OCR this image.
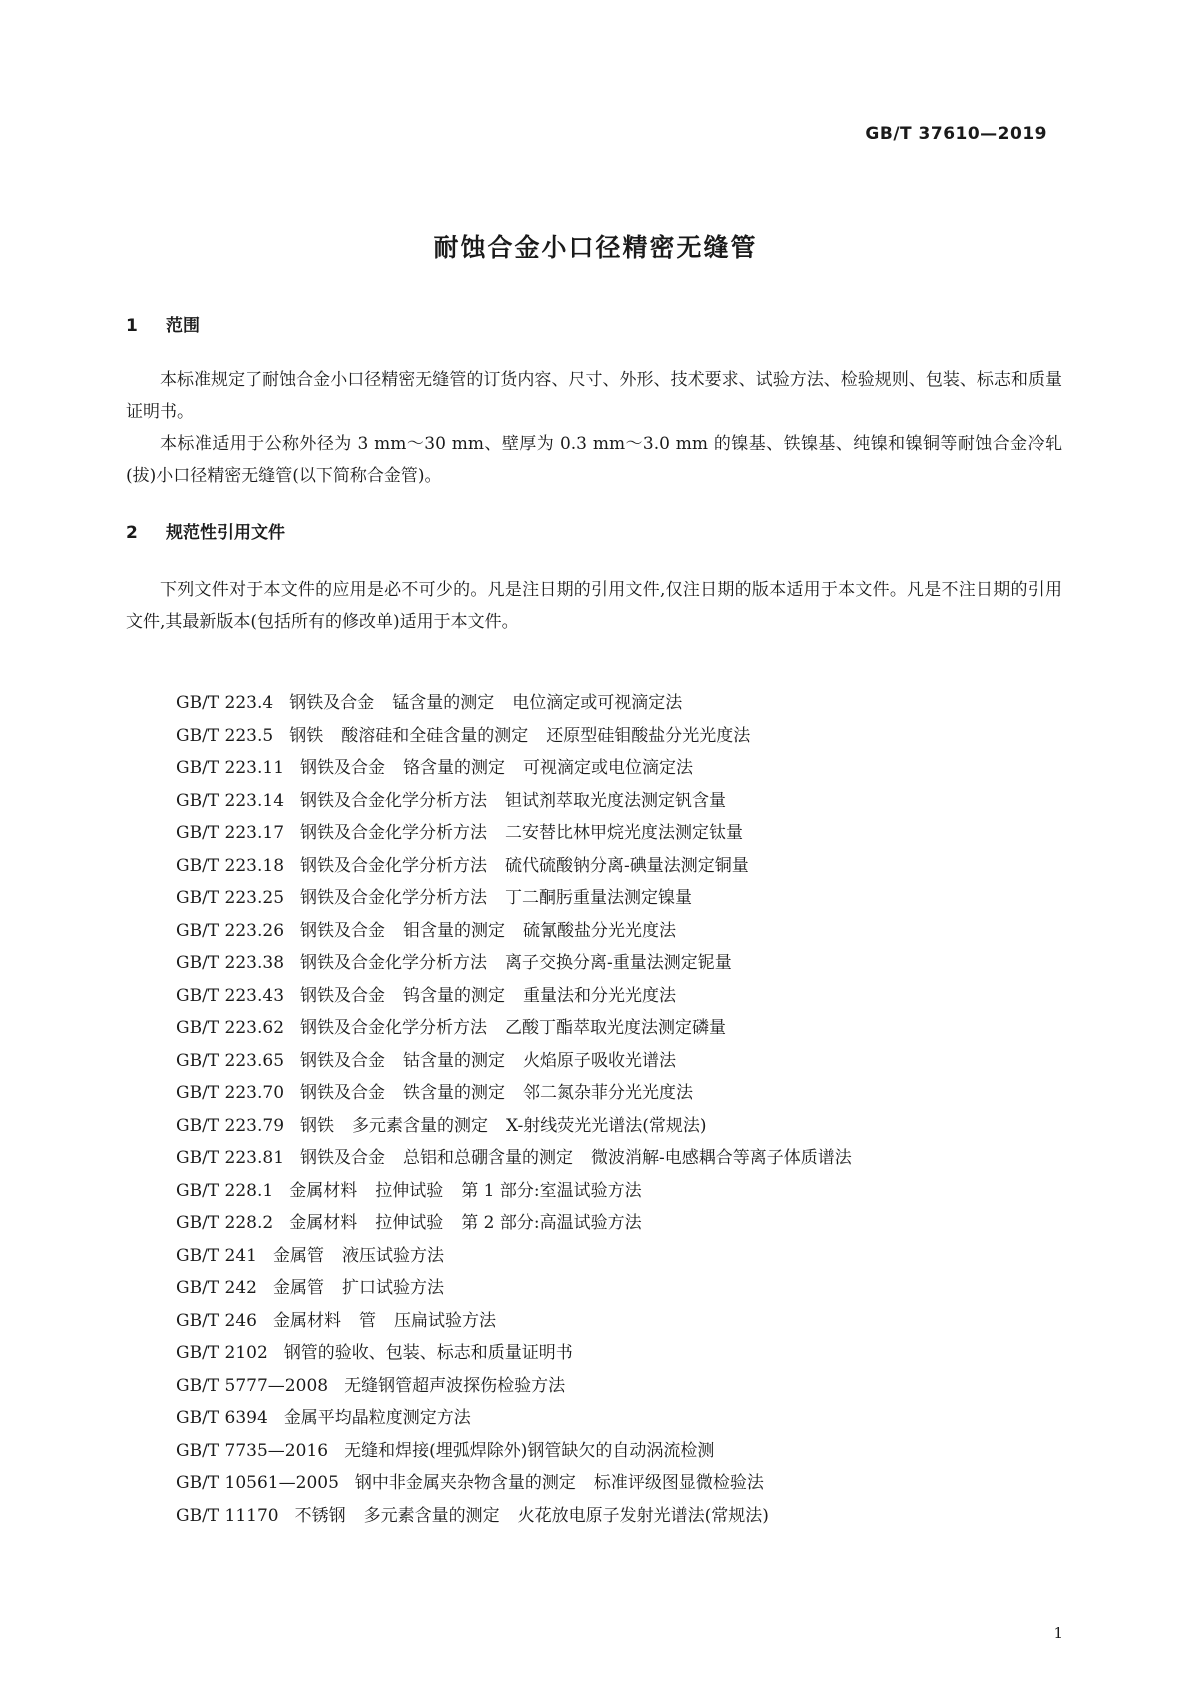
GB/T 37610—2019
耐蚀合金小口径精密无缝管
1 范围

本标准规定了耐蚀合金小口径精密无缝管的订货内容、尺寸、外形、技术要求、试验方法、检验规则、包装、标志和质量证明书。

本标准适用于公称外径为 3 mm～30 mm、壁厚为 0.3 mm～3.0 mm 的镍基、铁镍基、纯镍和镍铜等耐蚀合金冷轧(拔)小口径精密无缝管(以下简称合金管)。

2 规范性引用文件

下列文件对于本文件的应用是必不可少的。凡是注日期的引用文件,仅注日期的版本适用于本文件。凡是不注日期的引用文件,其最新版本(包括所有的修改单)适用于本文件。

GB/T 223.4 钢铁及合金 锰含量的测定 电位滴定或可视滴定法
GB/T 223.5 钢铁 酸溶硅和全硅含量的测定 还原型硅钼酸盐分光光度法
GB/T 223.11 钢铁及合金 铬含量的测定 可视滴定或电位滴定法
GB/T 223.14 钢铁及合金化学分析方法 钽试剂萃取光度法测定钒含量
GB/T 223.17 钢铁及合金化学分析方法 二安替比林甲烷光度法测定钛量
GB/T 223.18 钢铁及合金化学分析方法 硫代硫酸钠分离-碘量法测定铜量
GB/T 223.25 钢铁及合金化学分析方法 丁二酮肟重量法测定镍量
GB/T 223.26 钢铁及合金 钼含量的测定 硫氰酸盐分光光度法
GB/T 223.38 钢铁及合金化学分析方法 离子交换分离-重量法测定铌量
GB/T 223.43 钢铁及合金 钨含量的测定 重量法和分光光度法
GB/T 223.62 钢铁及合金化学分析方法 乙酸丁酯萃取光度法测定磷量
GB/T 223.65 钢铁及合金 钴含量的测定 火焰原子吸收光谱法
GB/T 223.70 钢铁及合金 铁含量的测定 邻二氮杂菲分光光度法
GB/T 223.79 钢铁 多元素含量的测定 X-射线荧光光谱法(常规法)
GB/T 223.81 钢铁及合金 总铝和总硼含量的测定 微波消解-电感耦合等离子体质谱法
GB/T 228.1 金属材料 拉伸试验 第 1 部分:室温试验方法
GB/T 228.2 金属材料 拉伸试验 第 2 部分:高温试验方法
GB/T 241 金属管 液压试验方法
GB/T 242 金属管 扩口试验方法
GB/T 246 金属材料 管 压扁试验方法
GB/T 2102 钢管的验收、包装、标志和质量证明书
GB/T 5777—2008 无缝钢管超声波探伤检验方法
GB/T 6394 金属平均晶粒度测定方法
GB/T 7735—2016 无缝和焊接(埋弧焊除外)钢管缺欠的自动涡流检测
GB/T 10561—2005 钢中非金属夹杂物含量的测定 标准评级图显微检验法
GB/T 11170 不锈钢 多元素含量的测定 火花放电原子发射光谱法(常规法)
1
